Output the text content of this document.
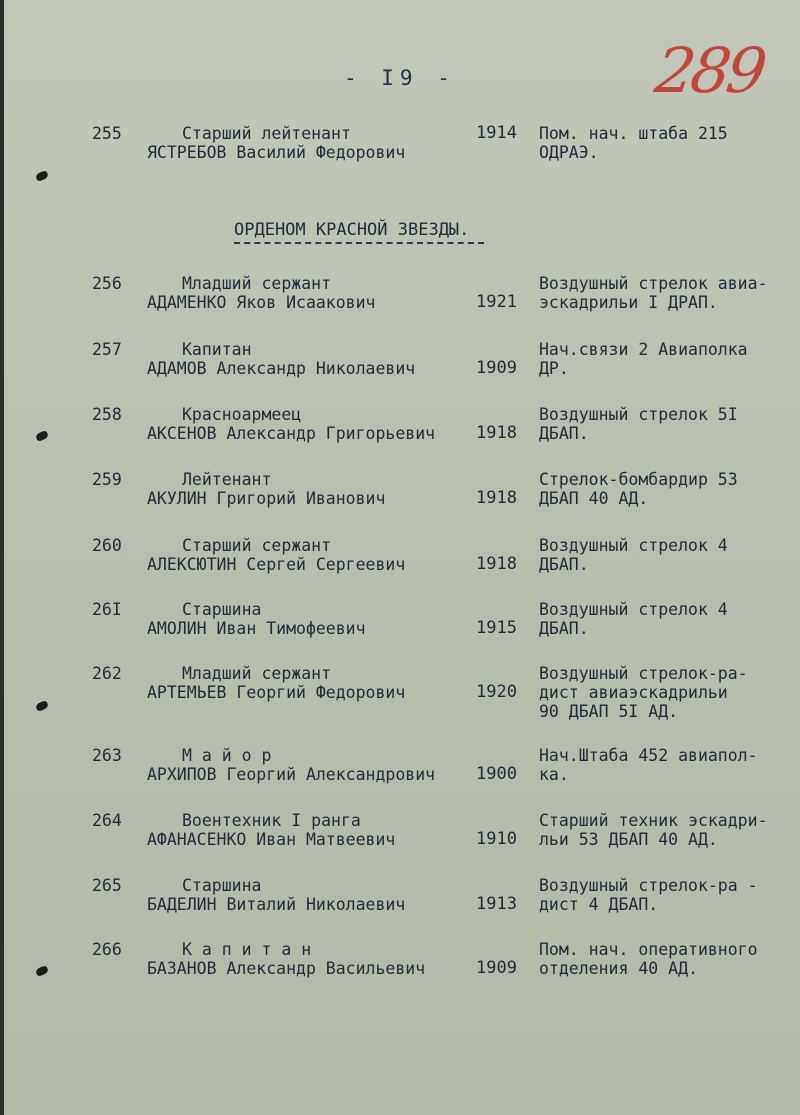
- I9 -	289
255	Старший лейтенант
ЯСТРЕБОВ Василий Федорович
1914 Пом. нач. штаба 215
ОДРАЭ.
ОРДЕНОМ КРАСНОЙ ЗВЕЗДЫ.
256	Младший сержант
АДАМЕНКО Яков Исаакович	1921
Воздушный стрелок авиа-
эскадрильи I ДРАП.
257	Капитан
АДАМОВ Александр Николаевич	1909
Нач.связи 2 Авиаполка
ДР.
258	Красноармеец
АКСЕНОВ Александр Григорьевич 1918
Воздушный стрелок 5I
ДБАП.
259	Лейтенант
АКУЛИН Григорий Иванович	1918
Стрелок-бомбардир 53
ДБАП 40 АД.
260	Старший сержант
АЛЕКСЮТИН Сергей Сергеевич	1918
Воздушный стрелок 4
ДБАП.
26I	Старшина
АМОЛИН Иван Тимофеевич	1915
Воздушный стрелок 4
ДБАП.
262	Младший сержант
АРТЕМЬЕВ Георгий Федорович	1920
Воздушный стрелок-ра-
дист авиаэскадрильи
90 ДБАП 5I АД.
263	М а й о р
АРХИПОВ Георгий Александрович 1900
Нач.Штаба 452 авиапол-
ка.
264	Воентехник I ранга
АФАНАСЕНКО Иван Матвеевич	1910
Старший техник эскадри-
льи 53 ДБАП 40 АД.
265	Старшина
БАДЕЛИН Виталий Николаевич	1913
Воздушный стрелок-ра -
дист 4 ДБАП.
266	К а п и т а н
БАЗАНОВ Александр Васильевич	1909
Пом. нач. оперативного
отделения 40 АД.
